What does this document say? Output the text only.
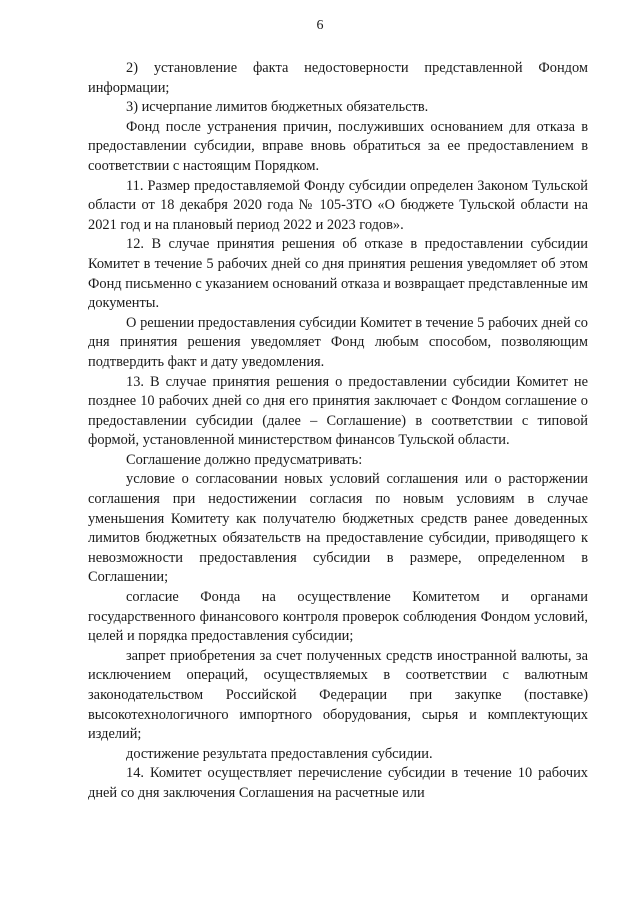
6

2) установление факта недостоверности представленной Фондом информации;

3) исчерпание лимитов бюджетных обязательств.

Фонд после устранения причин, послуживших основанием для отказа в предоставлении субсидии, вправе вновь обратиться за ее предоставлением в соответствии с настоящим Порядком.

11. Размер предоставляемой Фонду субсидии определен Законом Тульской области от 18 декабря 2020 года № 105-ЗТО «О бюджете Тульской области на 2021 год и на плановый период 2022 и 2023 годов».

12. В случае принятия решения об отказе в предоставлении субсидии Комитет в течение 5 рабочих дней со дня принятия решения уведомляет об этом Фонд письменно с указанием оснований отказа и возвращает представленные им документы.

О решении предоставления субсидии Комитет в течение 5 рабочих дней со дня принятия решения уведомляет Фонд любым способом, позволяющим подтвердить факт и дату уведомления.

13. В случае принятия решения о предоставлении субсидии Комитет не позднее 10 рабочих дней со дня его принятия заключает с Фондом соглашение о предоставлении субсидии (далее – Соглашение) в соответствии с типовой формой, установленной министерством финансов Тульской области.

Соглашение должно предусматривать:

условие о согласовании новых условий соглашения или о расторжении соглашения при недостижении согласия по новым условиям в случае уменьшения Комитету как получателю бюджетных средств ранее доведенных лимитов бюджетных обязательств на предоставление субсидии, приводящего к невозможности предоставления субсидии в размере, определенном в Соглашении;

согласие Фонда на осуществление Комитетом и органами государственного финансового контроля проверок соблюдения Фондом условий, целей и порядка предоставления субсидии;

запрет приобретения за счет полученных средств иностранной валюты, за исключением операций, осуществляемых в соответствии с валютным законодательством Российской Федерации при закупке (поставке) высокотехнологичного импортного оборудования, сырья и комплектующих изделий;

достижение результата предоставления субсидии.

14. Комитет осуществляет перечисление субсидии в течение 10 рабочих дней со дня заключения Соглашения на расчетные или
